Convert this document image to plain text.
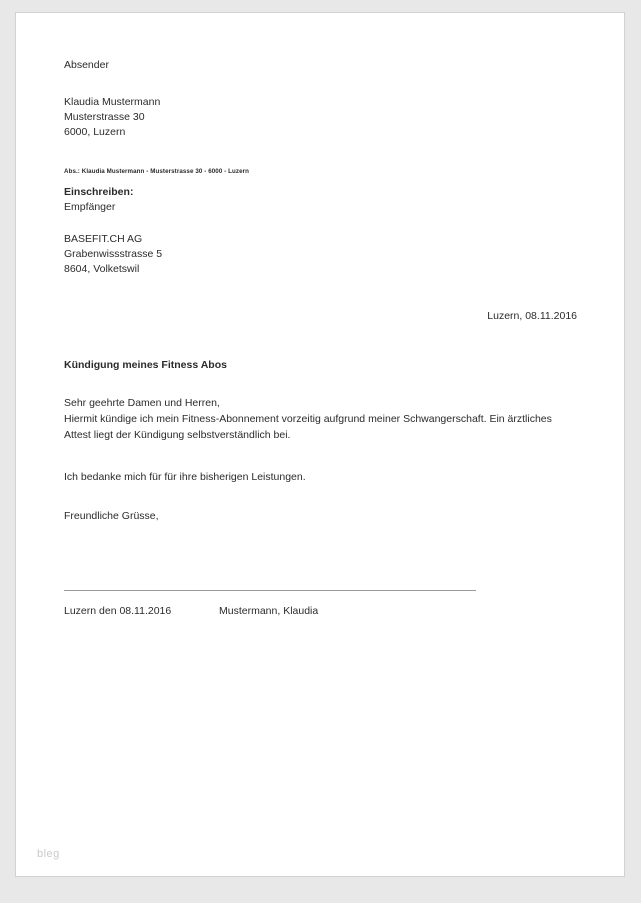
Absender
Klaudia Mustermann
Musterstrasse 30
6000, Luzern
Abs.: Klaudia Mustermann - Musterstrasse 30 - 6000 - Luzern
Einschreiben:
Empfänger
BASEFIT.CH AG
Grabenwissstrasse 5
8604, Volketswil
Luzern, 08.11.2016
Kündigung meines Fitness Abos
Sehr geehrte Damen und Herren,
Hiermit kündige ich mein Fitness-Abonnement vorzeitig aufgrund meiner Schwangerschaft. Ein ärztliches
Attest liegt der Kündigung selbstverständlich bei.
Ich bedanke mich für für ihre bisherigen Leistungen.
Freundliche Grüsse,
Luzern den 08.11.2016	Mustermann, Klaudia
bleg
